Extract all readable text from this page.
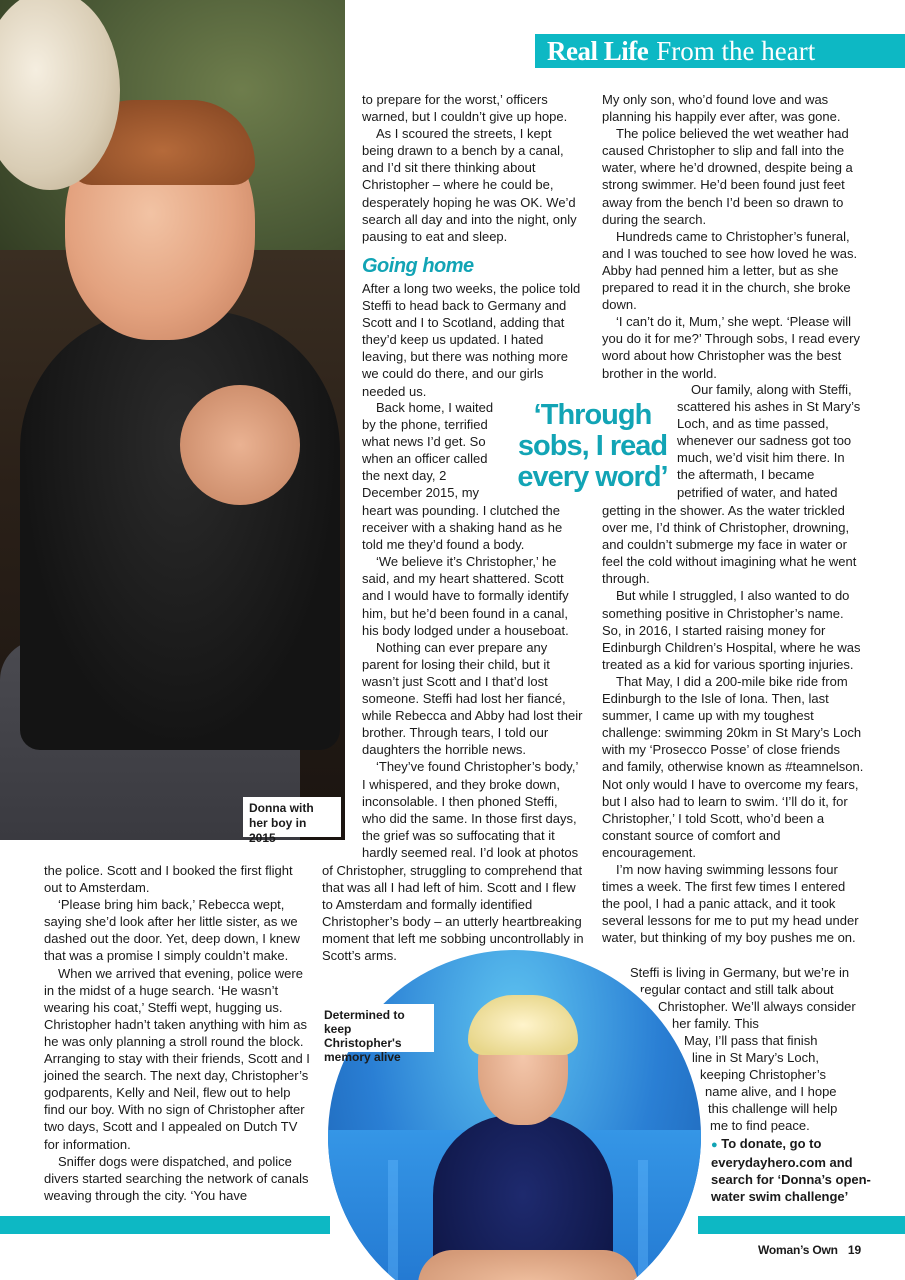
Donna with her boy in 2015
Real Life From the heart

to prepare for the worst,’ officers warned, but I couldn’t give up hope.

As I scoured the streets, I kept being drawn to a bench by a canal, and I’d sit there thinking about Christopher – where he could be, desperately hoping he was OK. We’d search all day and into the night, only pausing to eat and sleep.

Going home

After a long two weeks, the police told Steffi to head back to Germany and Scott and I to Scotland, adding that they’d keep us updated. I hated leaving, but there was nothing more we could do there, and our girls needed us.

Back home, I waited by the phone, terrified what news I’d get. So when an officer called the next day, 2 December 2015, my

‘Through sobs, I read every word’

heart was pounding. I clutched the receiver with a shaking hand as he told me they’d found a body.

‘We believe it’s Christopher,’ he said, and my heart shattered. Scott and I would have to formally identify him, but he’d been found in a canal, his body lodged under a houseboat.

Nothing can ever prepare any parent for losing their child, but it wasn’t just Scott and I that’d lost someone. Steffi had lost her fiancé, while Rebecca and Abby had lost their brother. Through tears, I told our daughters the horrible news.

‘They’ve found Christopher’s body,’ I whispered, and they broke down, inconsolable. I then phoned Steffi, who did the same. In those first days, the grief was so suffocating that it hardly seemed real. I’d look at photos

of Christopher, struggling to comprehend that that was all I had left of him. Scott and I flew to Amsterdam and formally identified Christopher’s body – an utterly heartbreaking moment that left me sobbing uncontrollably in Scott’s arms.

the police. Scott and I booked the first flight out to Amsterdam.

‘Please bring him back,’ Rebecca wept, saying she’d look after her little sister, as we dashed out the door. Yet, deep down, I knew that was a promise I simply couldn’t make.

When we arrived that evening, police were in the midst of a huge search. ‘He wasn’t wearing his coat,’ Steffi wept, hugging us. Christopher hadn’t taken anything with him as he was only planning a stroll round the block. Arranging to stay with their friends, Scott and I joined the search. The next day, Christopher’s godparents, Kelly and Neil, flew out to help find our boy. With no sign of Christopher after two days, Scott and I appealed on Dutch TV for information.

Sniffer dogs were dispatched, and police divers started searching the network of canals weaving through the city. ‘You have

My only son, who’d found love and was planning his happily ever after, was gone.

The police believed the wet weather had caused Christopher to slip and fall into the water, where he’d drowned, despite being a strong swimmer. He’d been found just feet away from the bench I’d been so drawn to during the search.

Hundreds came to Christopher’s funeral, and I was touched to see how loved he was. Abby had penned him a letter, but as she prepared to read it in the church, she broke down.

‘I can’t do it, Mum,’ she wept. ‘Please will you do it for me?’ Through sobs, I read every word about how Christopher was the best brother in the world.

Our family, along with Steffi, scattered his ashes in St Mary’s Loch, and as time passed, whenever our sadness got too much, we’d visit him there. In the aftermath, I became petrified of water, and hated

getting in the shower. As the water trickled over me, I’d think of Christopher, drowning, and couldn’t submerge my face in water or feel the cold without imagining what he went through.

But while I struggled, I also wanted to do something positive in Christopher’s name. So, in 2016, I started raising money for Edinburgh Children’s Hospital, where he was treated as a kid for various sporting injuries.

That May, I did a 200-mile bike ride from Edinburgh to the Isle of Iona. Then, last summer, I came up with my toughest challenge: swimming 20km in St Mary’s Loch with my ‘Prosecco Posse’ of close friends and family, otherwise known as #teamnelson. Not only would I have to overcome my fears, but I also had to learn to swim. ‘I’ll do it, for Christopher,’ I told Scott, who’d been a constant source of comfort and encouragement.

I’m now having swimming lessons four times a week. The first few times I entered the pool, I had a panic attack, and it took several lessons for me to put my head under water, but thinking of my boy pushes me on.

Steffi is living in Germany, but we’re in
regular contact and still talk about
Christopher. We’ll always consider
her family. This
May, I’ll pass that finish
line in St Mary’s Loch,
keeping Christopher’s
name alive, and I hope
this challenge will help
me to find peace.
● To donate, go to
everydayhero.com and
search for ‘Donna’s open-
water swim challenge’
Determined to keep Christopher's memory alive
Woman’s Own 19
